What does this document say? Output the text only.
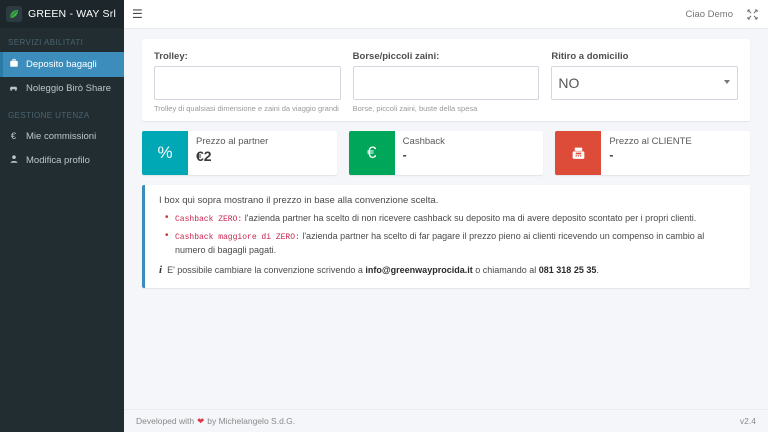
GREEN - WAY Srl
SERVIZI ABILITATI
Deposito bagagli
Noleggio Birò Share
GESTIONE UTENZA
€	Mie commissioni
Modifica profilo
☰	Ciao Demo
Trolley:
Trolley di qualsiasi dimensione e zaini da viaggio grandi
Borse/piccoli zaini:
Borse, piccoli zaini, buste della spesa
Ritiro a domicilio
NO
%
Prezzo al partner
€2	€
Cashback
-
Prezzo al CLIENTE
-

I box qui sopra mostrano il prezzo in base alla convenzione scelta.

• Cashback ZERO: l'azienda partner ha scelto di non ricevere cashback su deposito ma di avere deposito scontato per i propri clienti.
• Cashback maggiore di ZERO: l'azienda partner ha scelto di far pagare il prezzo pieno ai clienti ricevendo un compenso in cambio al numero di bagagli pagati.
i E' possibile cambiare la convenzione scrivendo a info@greenwayprocida.it o chiamando al 081 318 25 35.
Developed with ❤ by Michelangelo S.d.G.	v2.4
